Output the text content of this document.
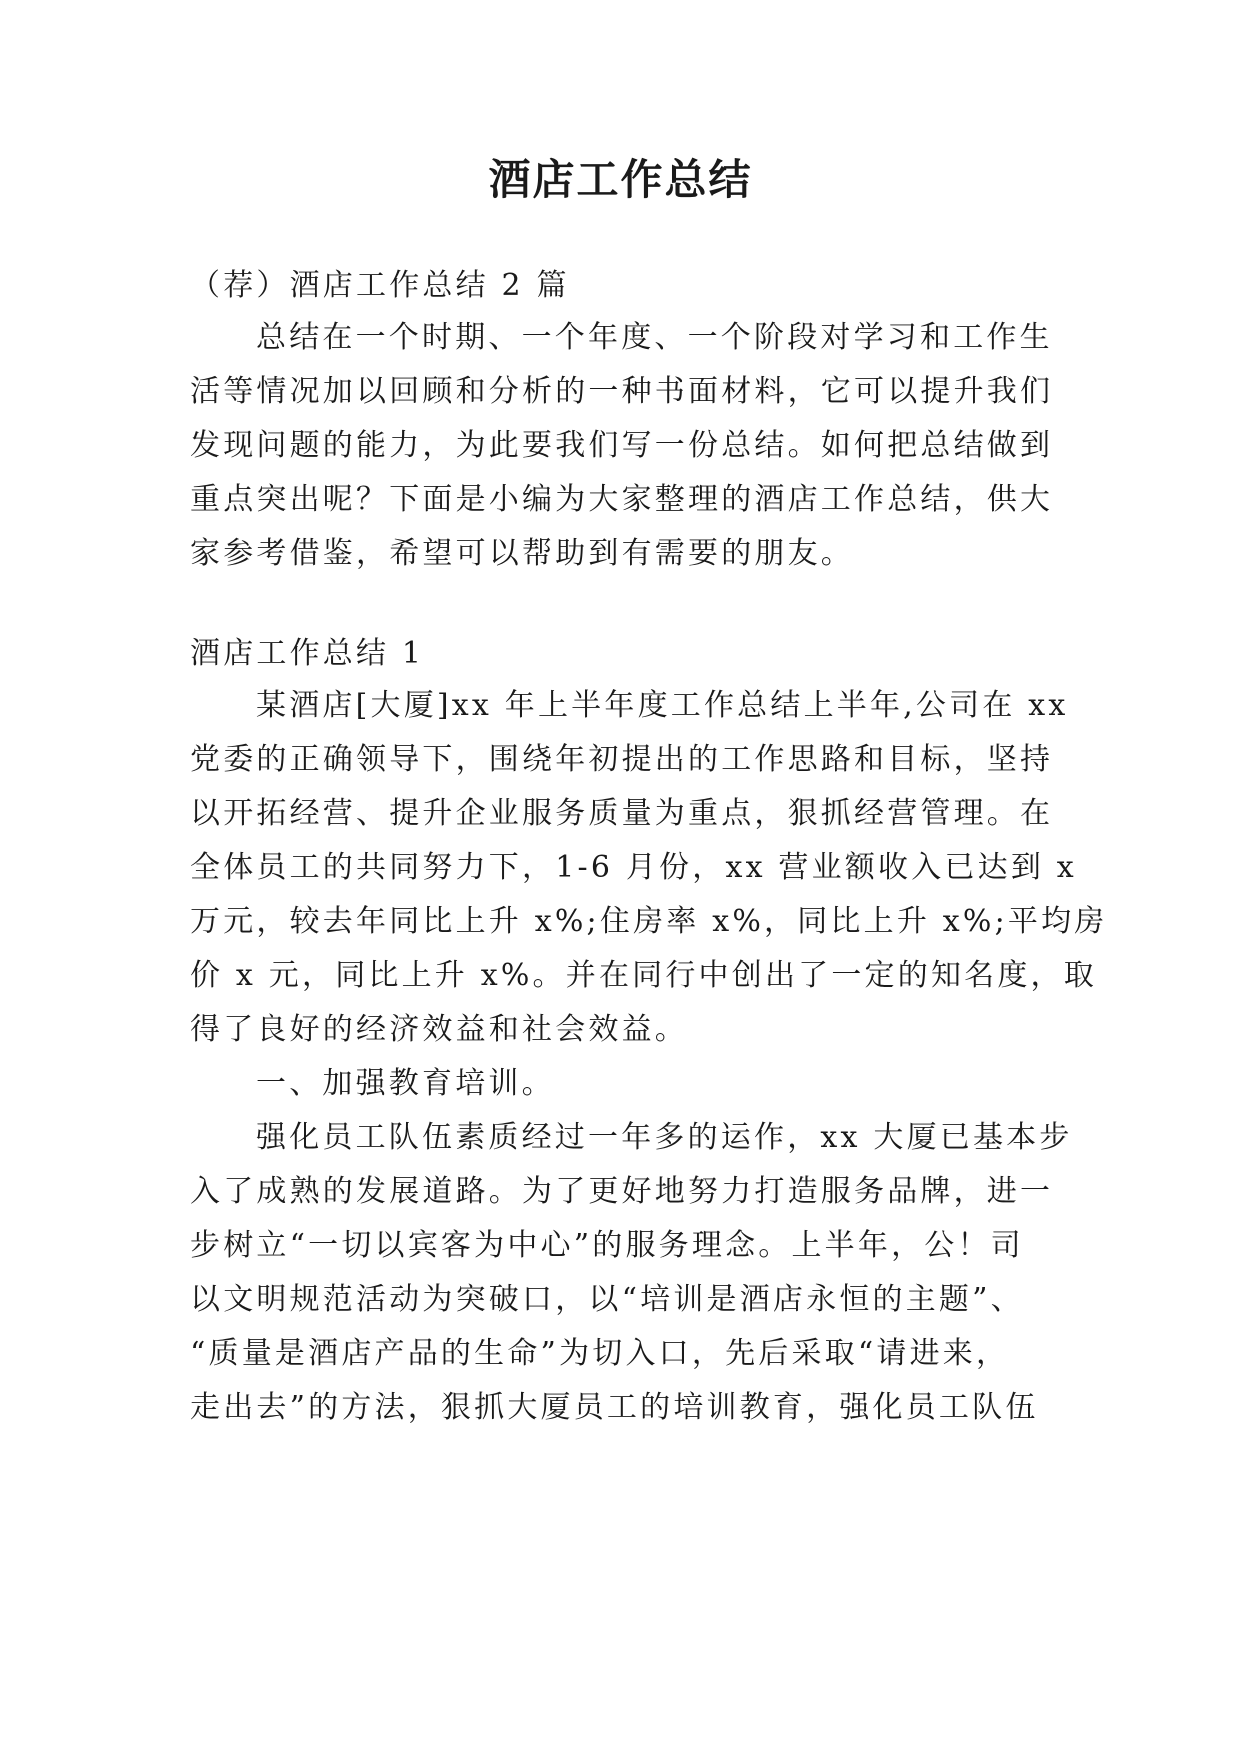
酒店工作总结
（荐）酒店工作总结 2 篇
总结在一个时期、一个年度、一个阶段对学习和工作生
活等情况加以回顾和分析的一种书面材料，它可以提升我们
发现问题的能力，为此要我们写一份总结。如何把总结做到
重点突出呢？下面是小编为大家整理的酒店工作总结，供大
家参考借鉴，希望可以帮助到有需要的朋友。
酒店工作总结 1
某酒店[大厦]xx 年上半年度工作总结上半年,公司在 xx
党委的正确领导下，围绕年初提出的工作思路和目标，坚持
以开拓经营、提升企业服务质量为重点，狠抓经营管理。在
全体员工的共同努力下，1-6 月份，xx 营业额收入已达到 x
万元，较去年同比上升 x%;住房率 x%，同比上升 x%;平均房
价 x 元，同比上升 x%。并在同行中创出了一定的知名度，取
得了良好的经济效益和社会效益。
一、加强教育培训。
强化员工队伍素质经过一年多的运作，xx 大厦已基本步
入了成熟的发展道路。为了更好地努力打造服务品牌，进一
步树立“一切以宾客为中心”的服务理念。上半年，公！司
以文明规范活动为突破口，以“培训是酒店永恒的主题”、
“质量是酒店产品的生命”为切入口，先后采取“请进来，
走出去”的方法，狠抓大厦员工的培训教育，强化员工队伍
